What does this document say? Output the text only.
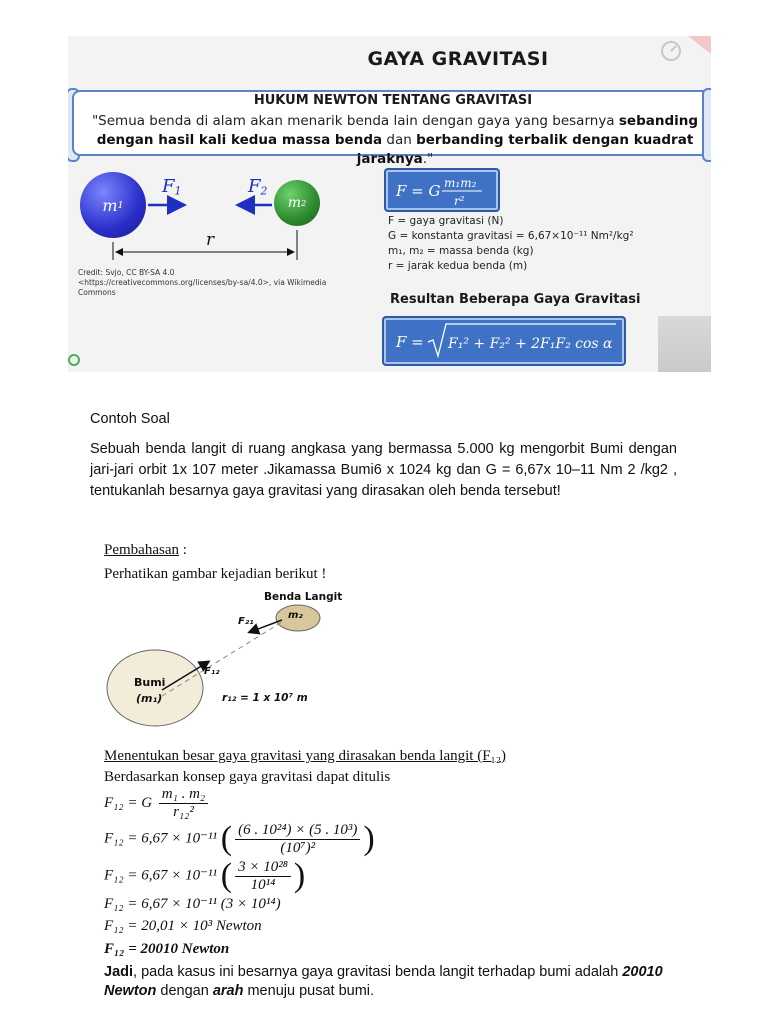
GAYA GRAVITASI
HUKUM NEWTON TENTANG GRAVITASI
"Semua benda di alam akan menarik benda lain dengan gaya yang besarnya sebanding dengan hasil kali kedua massa benda dan berbanding terbalik dengan kuadrat jaraknya."
m 1	m 2
$F_1$	$F_2$
r
Credit: Svjo, CC BY-SA 4.0 <https://creativecommons.org/licenses/by-sa/4.0>, via Wikimedia Commons
F = G m₁m₂
r²
F = gaya gravitasi (N)
G = konstanta gravitasi = 6,67×10⁻¹¹ Nm²/kg²
m₁, m₂ = massa benda (kg)
r = jarak kedua benda (m)
Resultan Beberapa Gaya Gravitasi
F = F₁² + F₂² + 2F₁F₂ cos α
Contoh Soal
Sebuah benda langit di ruang angkasa yang bermassa 5.000 kg mengorbit Bumi dengan jari-jari orbit 1x 107 meter .Jikamassa Bumi6 x 1024 kg dan G = 6,67x 10–11 Nm 2 /kg2 , tentukanlah besarnya gaya gravitasi yang dirasakan oleh benda tersebut!
Pembahasan :
Perhatikan gambar kejadian berikut !
Benda Langit
m₂
F₂₁
F₁₂
Bumi
(m₁)	r₁₂ = 1 x 10⁷ m
Menentukan besar gaya gravitasi yang dirasakan benda langit (F₁₂)
Berdasarkan konsep gaya gravitasi dapat ditulis
F₁₂ = G $\frac{\text{m₁ . m₂}}{\text{r₁₂²}}$
F₁₂ = 6,67 × 10⁻¹¹ ( $\frac{\text{(6 . 10²⁴) × (5 . 10³)}}{\text{(10⁷)²}}$ )
F₁₂ = 6,67 × 10⁻¹¹ ( $\frac{\text{3 × 10²⁸}}{\text{10¹⁴}}$ )
F₁₂ = 6,67 × 10⁻¹¹ (3 × 10¹⁴)
F₁₂ = 20,01 × 10³ Newton
F₁₂ = 20010 Newton
Jadi, pada kasus ini besarnya gaya gravitasi benda langit terhadap bumi adalah 20010 Newton dengan arah menuju pusat bumi.
